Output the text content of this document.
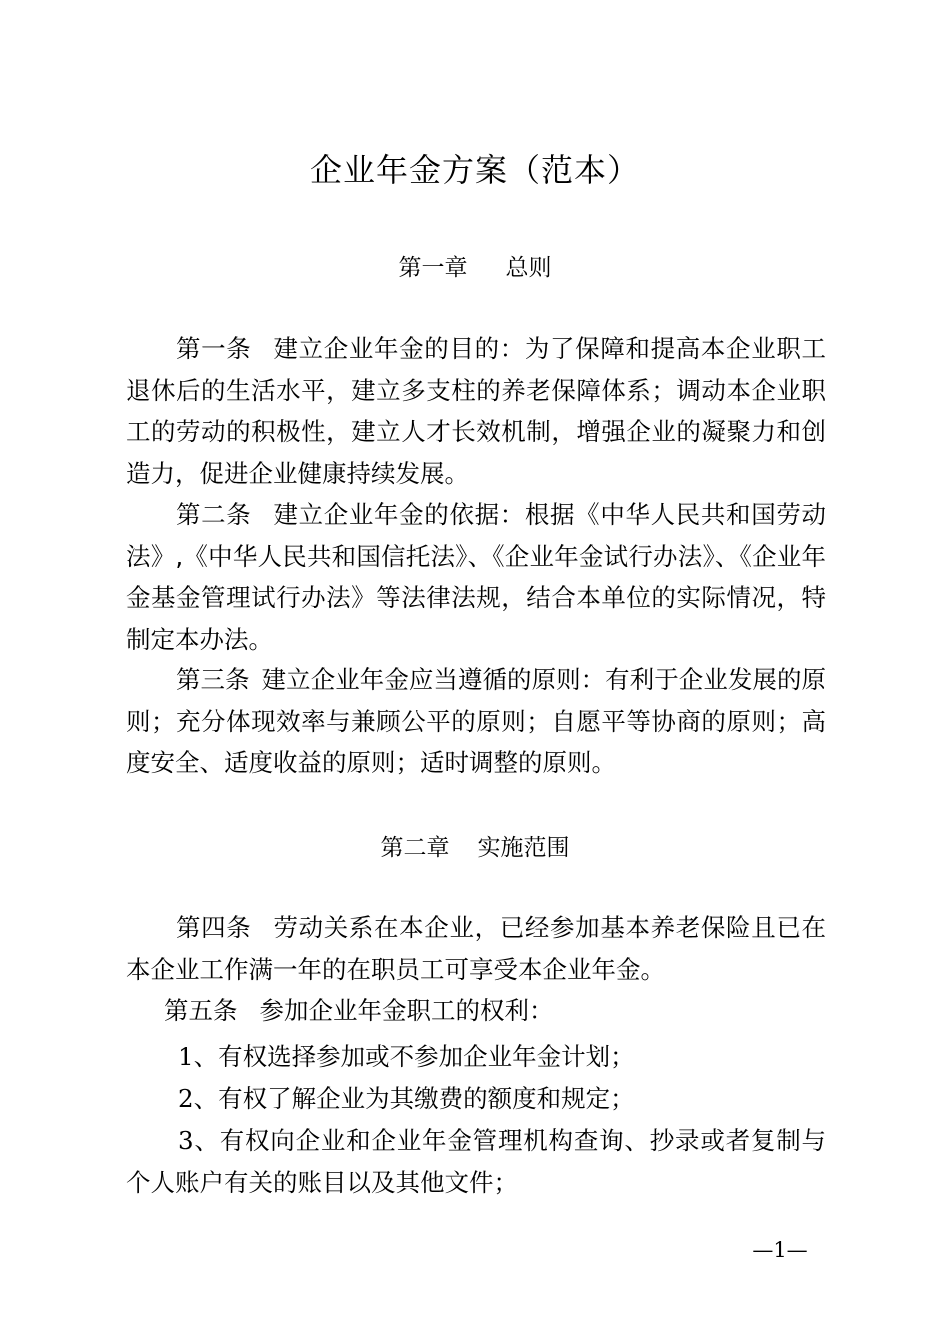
企业年金方案（范本）
第一章 总则

第一条 建立企业年金的目的：为了保障和提高本企业职工退休后的生活水平，建立多支柱的养老保障体系；调动本企业职工的劳动的积极性，建立人才长效机制，增强企业的凝聚力和创造力，促进企业健康持续发展。

第二条 建立企业年金的依据：根据《中华人民共和国劳动法》,《中华人民共和国信托法》、《企业年金试行办法》、《企业年金基金管理试行办法》等法律法规，结合本单位的实际情况，特制定本办法。

第三条 建立企业年金应当遵循的原则：有利于企业发展的原则；充分体现效率与兼顾公平的原则；自愿平等协商的原则；高度安全、适度收益的原则；适时调整的原则。

第二章 实施范围

第四条 劳动关系在本企业，已经参加基本养老保险且已在本企业工作满一年的在职员工可享受本企业年金。

第五条 参加企业年金职工的权利：

1、有权选择参加或不参加企业年金计划；

2、有权了解企业为其缴费的额度和规定；

3、有权向企业和企业年金管理机构查询、抄录或者复制与个人账户有关的账目以及其他文件；

—1—
